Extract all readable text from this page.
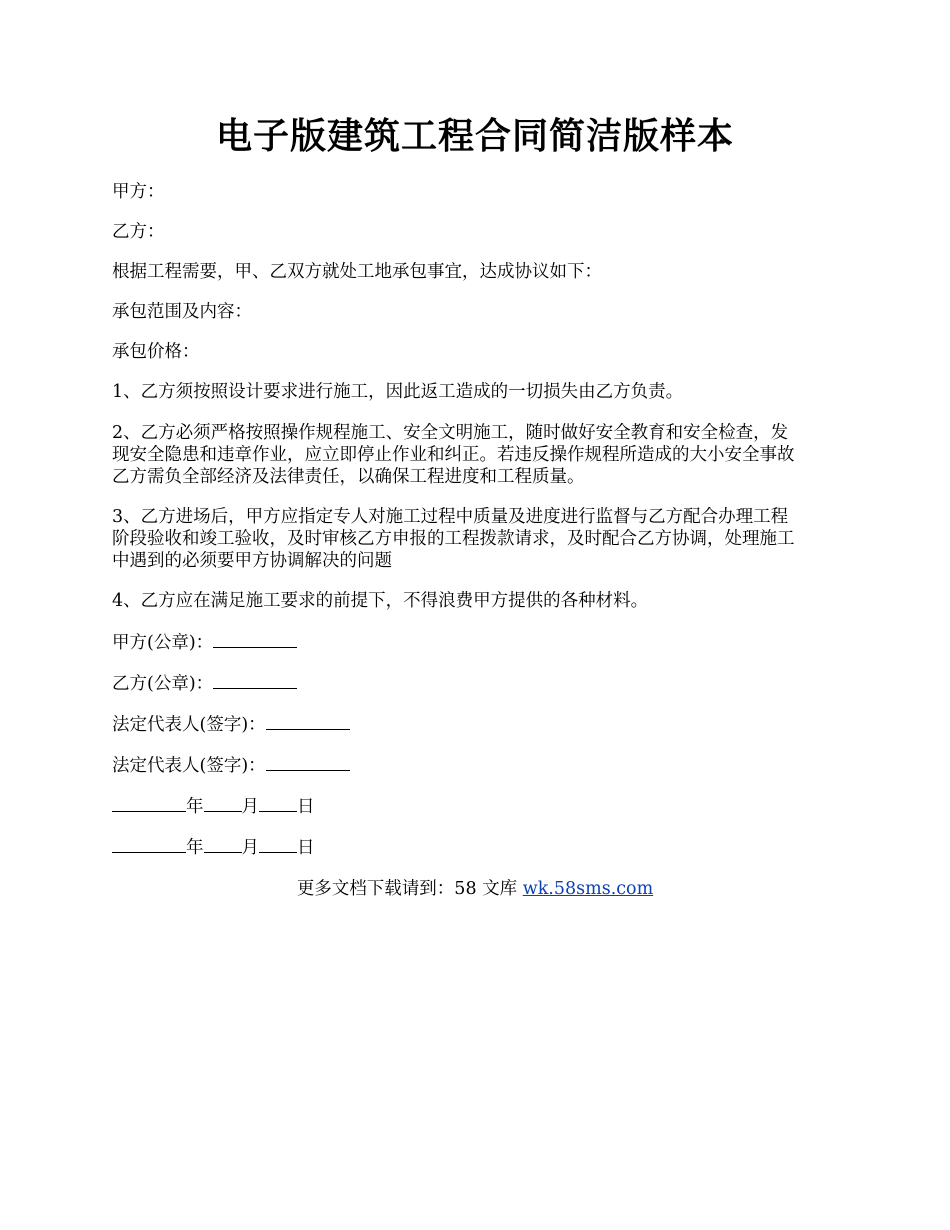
电子版建筑工程合同简洁版样本
甲方：
乙方：
根据工程需要，甲、乙双方就处工地承包事宜，达成协议如下：
承包范围及内容：
承包价格：
1、乙方须按照设计要求进行施工，因此返工造成的一切损失由乙方负责。
2、乙方必须严格按照操作规程施工、安全文明施工，随时做好安全教育和安全检查，发
现安全隐患和违章作业，应立即停止作业和纠正。若违反操作规程所造成的大小安全事故
乙方需负全部经济及法律责任，以确保工程进度和工程质量。
3、乙方进场后，甲方应指定专人对施工过程中质量及进度进行监督与乙方配合办理工程
阶段验收和竣工验收，及时审核乙方申报的工程拨款请求，及时配合乙方协调，处理施工
中遇到的必须要甲方协调解决的问题
4、乙方应在满足施工要求的前提下，不得浪费甲方提供的各种材料。
甲方(公章)：
乙方(公章)：
法定代表人(签字)：
法定代表人(签字)：
年 月 日
年 月 日
更多文档下载请到：58 文库 wk.58sms.com
